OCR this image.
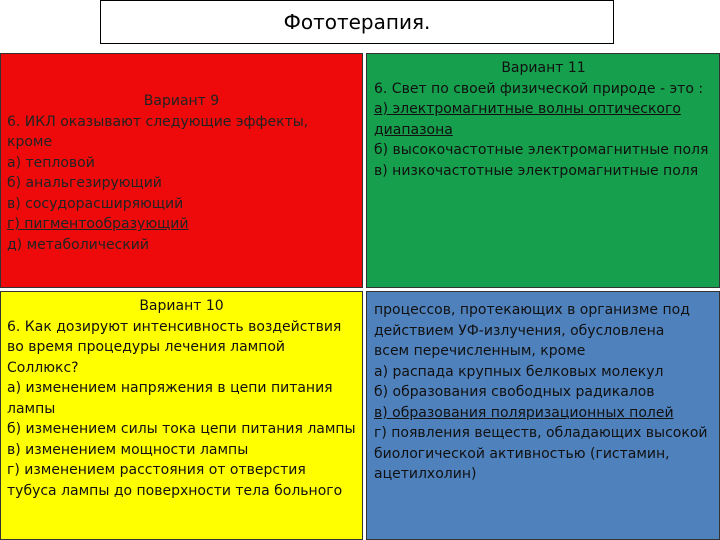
Фототерапия.
Вариант 9
6. ИКЛ оказывают следующие эффекты, кроме
а) тепловой
б) анальгезирующий
в) сосудорасширяющий
г) пигментообразующий
д) метаболический
Вариант 11
6. Свет по своей физической природе - это :
а) электромагнитные волны оптического диапазона
б) высокочастотные электромагнитные поля
в) низкочастотные электромагнитные поля
Вариант 10
6. Как дозируют интенсивность воздействия
во время процедуры лечения лампой
Соллюкс?
а) изменением напряжения в цепи питания лампы
б) изменением силы тока цепи питания лампы
в) изменением мощности лампы
г) изменением расстояния от отверстия тубуса лампы до поверхности тела больного
процессов, протекающих в организме под
действием УФ-излучения, обусловлена
всем перечисленным, кроме
а) распада крупных белковых молекул
б) образования свободных радикалов
в) образования поляризационных полей
г) появления веществ, обладающих высокой биологической активностью (гистамин, ацетилхолин)
